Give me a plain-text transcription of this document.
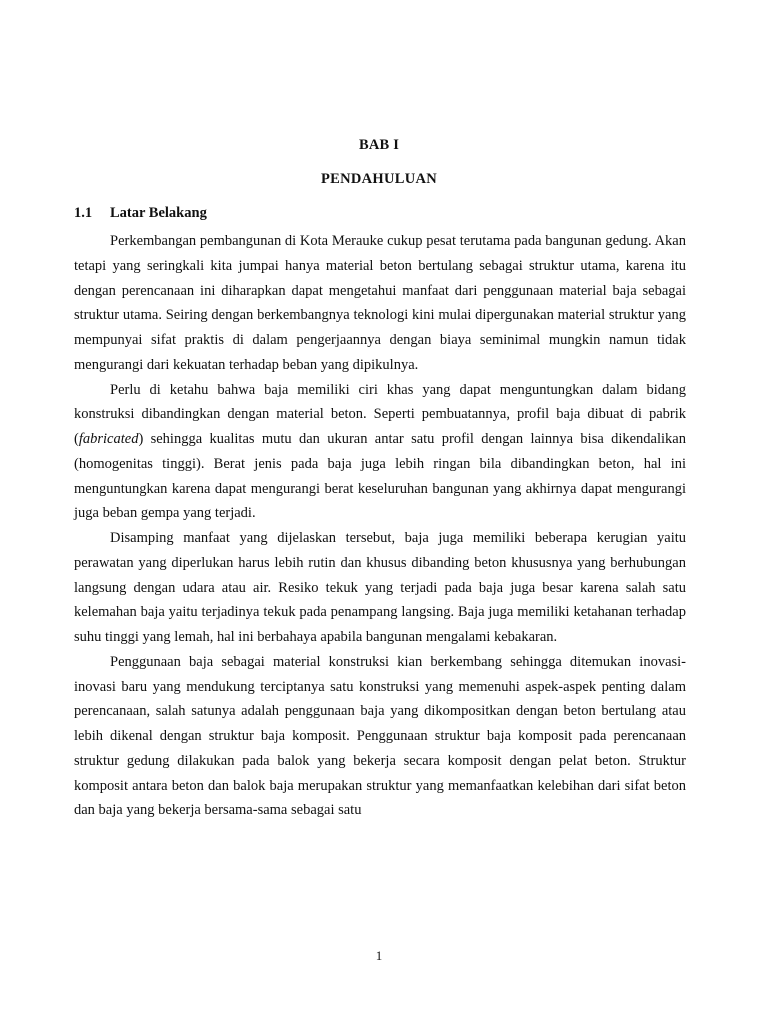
BAB I
PENDAHULUAN
1.1 Latar Belakang

Perkembangan pembangunan di Kota Merauke cukup pesat terutama pada bangunan gedung. Akan tetapi yang seringkali kita jumpai hanya material beton bertulang sebagai struktur utama, karena itu dengan perencanaan ini diharapkan dapat mengetahui manfaat dari penggunaan material baja sebagai struktur utama. Seiring dengan berkembangnya teknologi kini mulai dipergunakan material struktur yang mempunyai sifat praktis di dalam pengerjaannya dengan biaya seminimal mungkin namun tidak mengurangi dari kekuatan terhadap beban yang dipikulnya.

Perlu di ketahu bahwa baja memiliki ciri khas yang dapat menguntungkan dalam bidang konstruksi dibandingkan dengan material beton. Seperti pembuatannya, profil baja dibuat di pabrik (fabricated) sehingga kualitas mutu dan ukuran antar satu profil dengan lainnya bisa dikendalikan (homogenitas tinggi). Berat jenis pada baja juga lebih ringan bila dibandingkan beton, hal ini menguntungkan karena dapat mengurangi berat keseluruhan bangunan yang akhirnya dapat mengurangi juga beban gempa yang terjadi.

Disamping manfaat yang dijelaskan tersebut, baja juga memiliki beberapa kerugian yaitu perawatan yang diperlukan harus lebih rutin dan khusus dibanding beton khususnya yang berhubungan langsung dengan udara atau air. Resiko tekuk yang terjadi pada baja juga besar karena salah satu kelemahan baja yaitu terjadinya tekuk pada penampang langsing. Baja juga memiliki ketahanan terhadap suhu tinggi yang lemah, hal ini berbahaya apabila bangunan mengalami kebakaran.

Penggunaan baja sebagai material konstruksi kian berkembang sehingga ditemukan inovasi-inovasi baru yang mendukung terciptanya satu konstruksi yang memenuhi aspek-aspek penting dalam perencanaan, salah satunya adalah penggunaan baja yang dikompositkan dengan beton bertulang atau lebih dikenal dengan struktur baja komposit. Penggunaan struktur baja komposit pada perencanaan struktur gedung dilakukan pada balok yang bekerja secara komposit dengan pelat beton. Struktur komposit antara beton dan balok baja merupakan struktur yang memanfaatkan kelebihan dari sifat beton dan baja yang bekerja bersama-sama sebagai satu

1
